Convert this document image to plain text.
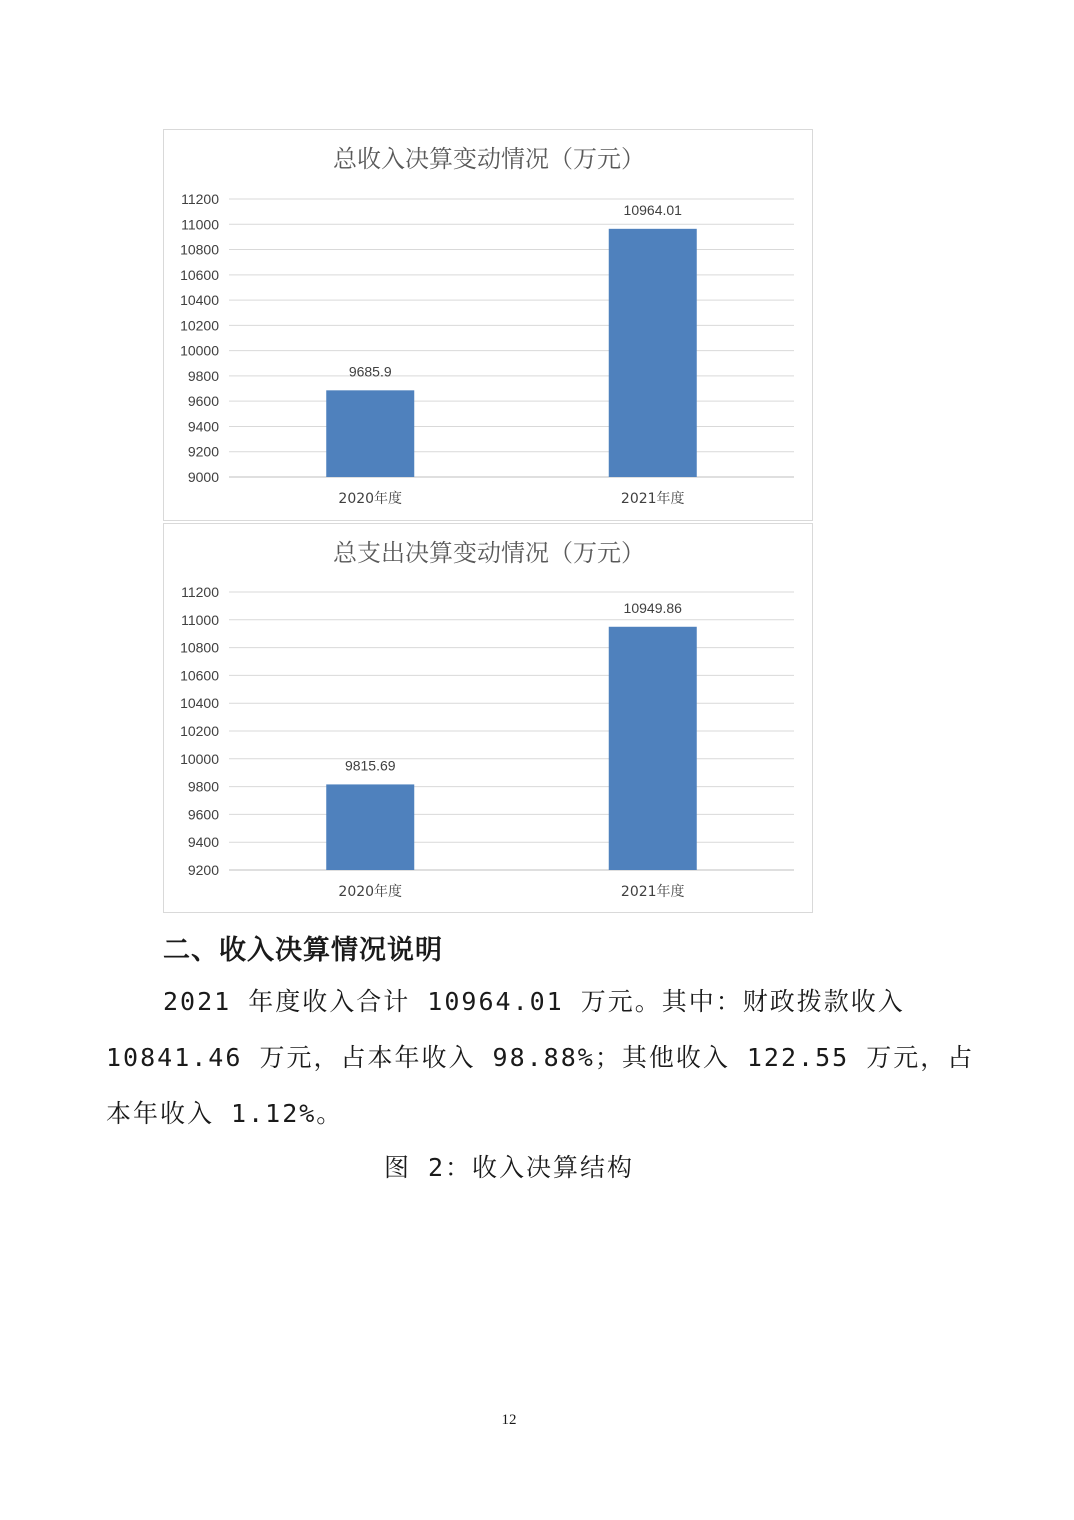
总收入决算变动情况（万元）
9000
9200
9400
9600
9800
10000
10200
10400
10600
10800
11000
11200
9685.9
2020年度
10964.01
2021年度
总支出决算变动情况（万元）
9200
9400
9600
9800
10000
10200
10400
10600
10800
11000
11200
9815.69
2020年度
10949.86
2021年度
二、收入决算情况说明

2021 年度收入合计 10964.01 万元。其中：财政拨款收入

10841.46 万元，占本年收入 98.88%；其他收入 122.55 万元，占

本年收入 1.12%。

图 2：收入决算结构

12
